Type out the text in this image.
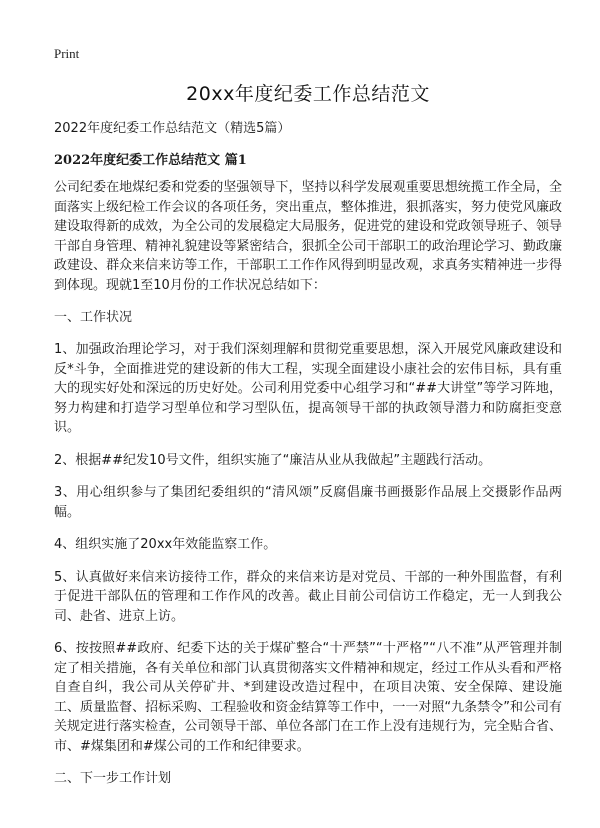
Print
20xx年度纪委工作总结范文

2022年度纪委工作总结范文（精选5篇）

2022年度纪委工作总结范文 篇1

公司纪委在地煤纪委和党委的坚强领导下，坚持以科学发展观重要思想统揽工作全局，全面落实上级纪检工作会议的各项任务，突出重点，整体推进，狠抓落实，努力使党风廉政建设取得新的成效，为全公司的发展稳定大局服务，促进党的建设和党政领导班子、领导干部自身管理、精神礼貌建设等紧密结合，狠抓全公司干部职工的政治理论学习、勤政廉政建设、群众来信来访等工作，干部职工工作作风得到明显改观，求真务实精神进一步得到体现。现就1至10月份的工作状况总结如下：

一、工作状况

1、加强政治理论学习，对于我们深刻理解和贯彻党重要思想，深入开展党风廉政建设和反*斗争，全面推进党的建设新的伟大工程，实现全面建设小康社会的宏伟目标，具有重大的现实好处和深远的历史好处。公司利用党委中心组学习和“##大讲堂”等学习阵地，努力构建和打造学习型单位和学习型队伍，提高领导干部的执政领导潜力和防腐拒变意识。

2、根据##纪发10号文件，组织实施了“廉洁从业从我做起”主题践行活动。

3、用心组织参与了集团纪委组织的“清风颂”反腐倡廉书画摄影作品展上交摄影作品两幅。

4、组织实施了20xx年效能监察工作。

5、认真做好来信来访接待工作，群众的来信来访是对党员、干部的一种外围监督，有利于促进干部队伍的管理和工作作风的改善。截止目前公司信访工作稳定，无一人到我公司、赴省、进京上访。

6、按按照##政府、纪委下达的关于煤矿整合“十严禁”“十严格”“八不准”从严管理并制定了相关措施，各有关单位和部门认真贯彻落实文件精神和规定，经过工作从头看和严格自查自纠，我公司从关停矿井、*到建设改造过程中，在项目决策、安全保障、建设施工、质量监督、招标采购、工程验收和资金结算等工作中，一一对照“九条禁令”和公司有关规定进行落实检查，公司领导干部、单位各部门在工作上没有违规行为，完全贴合省、市、#煤集团和#煤公司的工作和纪律要求。

二、下一步工作计划
